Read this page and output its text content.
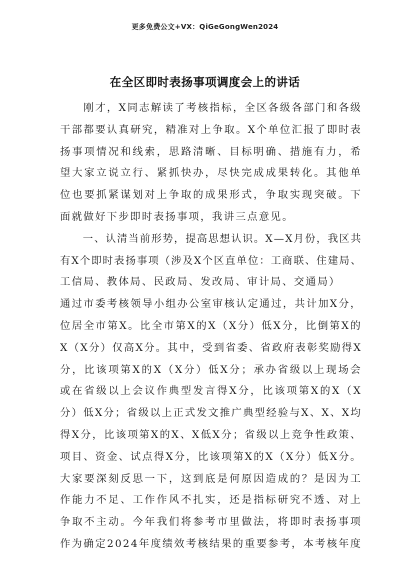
更多免费公文+VX：QiGeGongWen2024
在全区即时表扬事项调度会上的讲话
　　刚才，X同志解读了考核指标，全区各级各部门和各级
干部都要认真研究，精准对上争取。X个单位汇报了即时表
扬事项情况和线索，思路清晰、目标明确、措施有力，希
望大家立说立行、紧抓快办，尽快完成成果转化。其他单
位也要抓紧谋划对上争取的成果形式，争取实现突破。下
面就做好下步即时表扬事项，我讲三点意见。
　　一、认清当前形势，提高思想认识。X—X月份，我区共
有X个即时表扬事项（涉及X个区直单位：工商联、住建局、
工信局、教体局、民政局、发改局、审计局、交通局）
通过市委考核领导小组办公室审核认定通过，共计加X分，
位居全市第X。比全市第X的X（X分）低X分，比倒第X的
X（X分）仅高X分。其中，受到省委、省政府表彰奖励得X
分，比该项第X的X（X分）低X分；承办省级以上现场会
或在省级以上会议作典型发言得X分，比该项第X的X（X
分）低X分；省级以上正式发文推广典型经验与X、X、X均
得X分，比该项第X的X、X低X分；省级以上竞争性政策、
项目、资金、试点得X分，比该项第X的X（X分）低X分。
大家要深刻反思一下，这到底是何原因造成的？是因为工
作能力不足、工作作风不扎实，还是指标研究不透、对上
争取不主动。今年我们将参考市里做法，将即时表扬事项
作为确定2024年度绩效考核结果的重要参考，本考核年度
